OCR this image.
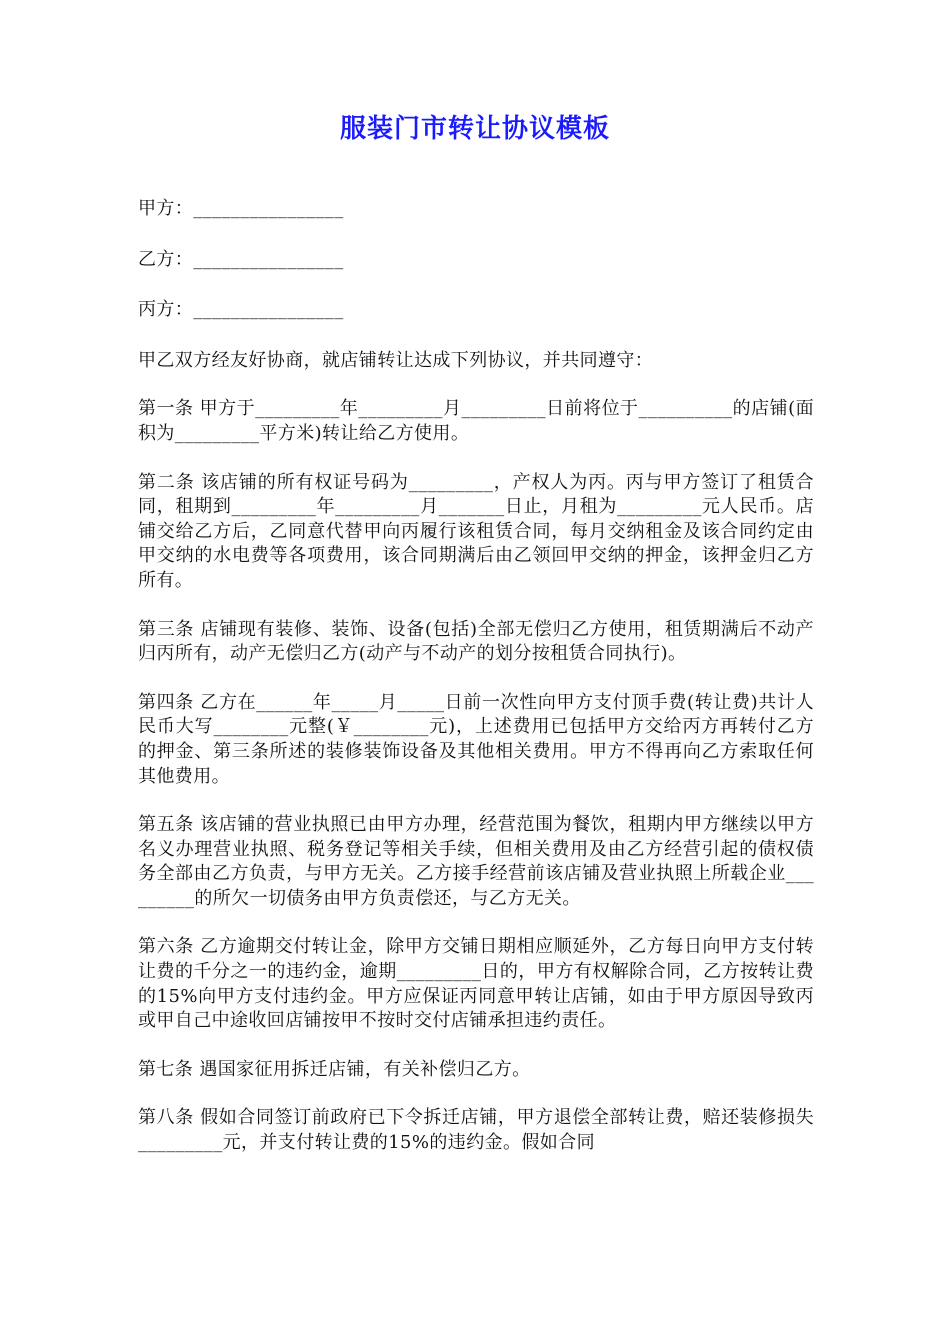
服装门市转让协议模板
甲方：________________
乙方：________________
丙方：________________

甲乙双方经友好协商，就店铺转让达成下列协议，并共同遵守：

第一条 甲方于_________年_________月_________日前将位于__________的店铺(面积为_________平方米)转让给乙方使用。

第二条 该店铺的所有权证号码为_________，产权人为丙。丙与甲方签订了租赁合同，租期到_________年_________月_______日止，月租为_________元人民币。店铺交给乙方后，乙同意代替甲向丙履行该租赁合同，每月交纳租金及该合同约定由甲交纳的水电费等各项费用，该合同期满后由乙领回甲交纳的押金，该押金归乙方所有。

第三条 店铺现有装修、装饰、设备(包括)全部无偿归乙方使用，租赁期满后不动产归丙所有，动产无偿归乙方(动产与不动产的划分按租赁合同执行)。

第四条 乙方在______年_____月_____日前一次性向甲方支付顶手费(转让费)共计人民币大写________元整(￥________元)，上述费用已包括甲方交给丙方再转付乙方的押金、第三条所述的装修装饰设备及其他相关费用。甲方不得再向乙方索取任何其他费用。

第五条 该店铺的营业执照已由甲方办理，经营范围为餐饮，租期内甲方继续以甲方名义办理营业执照、税务登记等相关手续，但相关费用及由乙方经营引起的债权债务全部由乙方负责，与甲方无关。乙方接手经营前该店铺及营业执照上所载企业_________的所欠一切债务由甲方负责偿还，与乙方无关。

第六条 乙方逾期交付转让金，除甲方交铺日期相应顺延外，乙方每日向甲方支付转让费的千分之一的违约金，逾期_________日的，甲方有权解除合同，乙方按转让费的15%向甲方支付违约金。甲方应保证丙同意甲转让店铺，如由于甲方原因导致丙或甲自己中途收回店铺按甲不按时交付店铺承担违约责任。

第七条 遇国家征用拆迁店铺，有关补偿归乙方。

第八条 假如合同签订前政府已下令拆迁店铺，甲方退偿全部转让费，赔还装修损失_________元，并支付转让费的15%的违约金。假如合同
